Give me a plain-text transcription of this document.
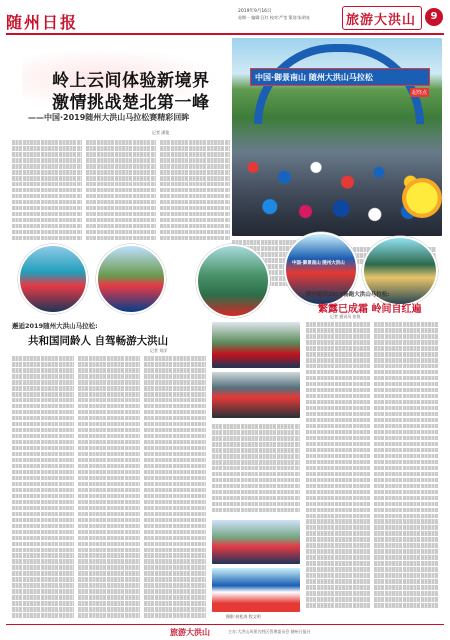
随州日报
2019年9月16日
星期一 编辑:汪红 校对:严莹 策划:朱明亮	旅游大洪山	9
岭上云间体验新境界
激情挑战楚北第一峰
——中国·2019随州大洪山马拉松赛精彩回眸
记者 潘俊
中国·御景南山 随州大洪山马拉松
起终点
中国·御景南山 随州大洪山
随州跑团2019畅跑大洪山马拉松:
繁露已成霜 岭间自红遍
记者 通讯员 张锐
邂逅2019随州大洪山马拉松:
共和国同龄人 自驾畅游大洪山
记者 刘洋
摄影:何松涛 程文明
旅游大洪山	主办:大洪山风景名胜区管理委员会 随州日报社
